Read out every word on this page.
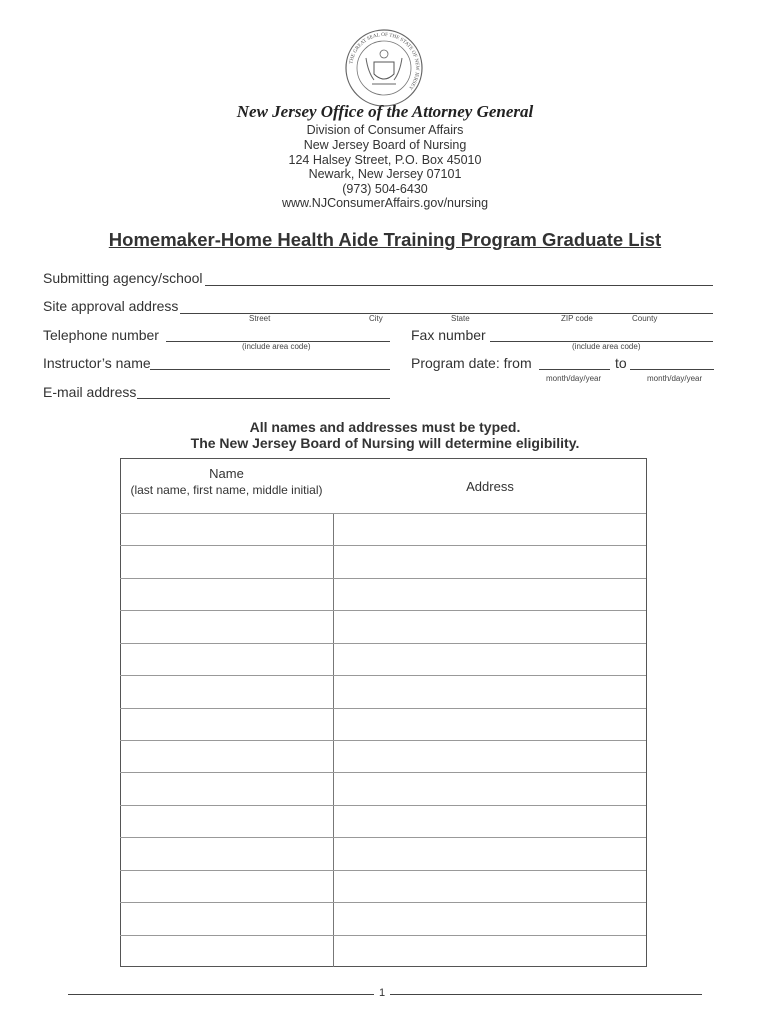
THE GREAT SEAL OF THE STATE OF NEW JERSEY
New Jersey Office of the Attorney General
Division of Consumer Affairs
New Jersey Board of Nursing
124 Halsey Street, P.O. Box 45010
Newark, New Jersey 07101
(973) 504-6430
www.NJConsumerAffairs.gov/nursing
Homemaker-Home Health Aide Training Program Graduate List
Submitting agency/school
Site approval address
Street	City	State	ZIP code	County
Telephone number
(include area code)
Fax number
(include area code)
Instructor’s name	Program date: from	to
month/day/year	month/day/year
E-mail address
All names and addresses must be typed.
The New Jersey Board of Nursing will determine eligibility.
Name
(last name, first name, middle initial)	Address
1
